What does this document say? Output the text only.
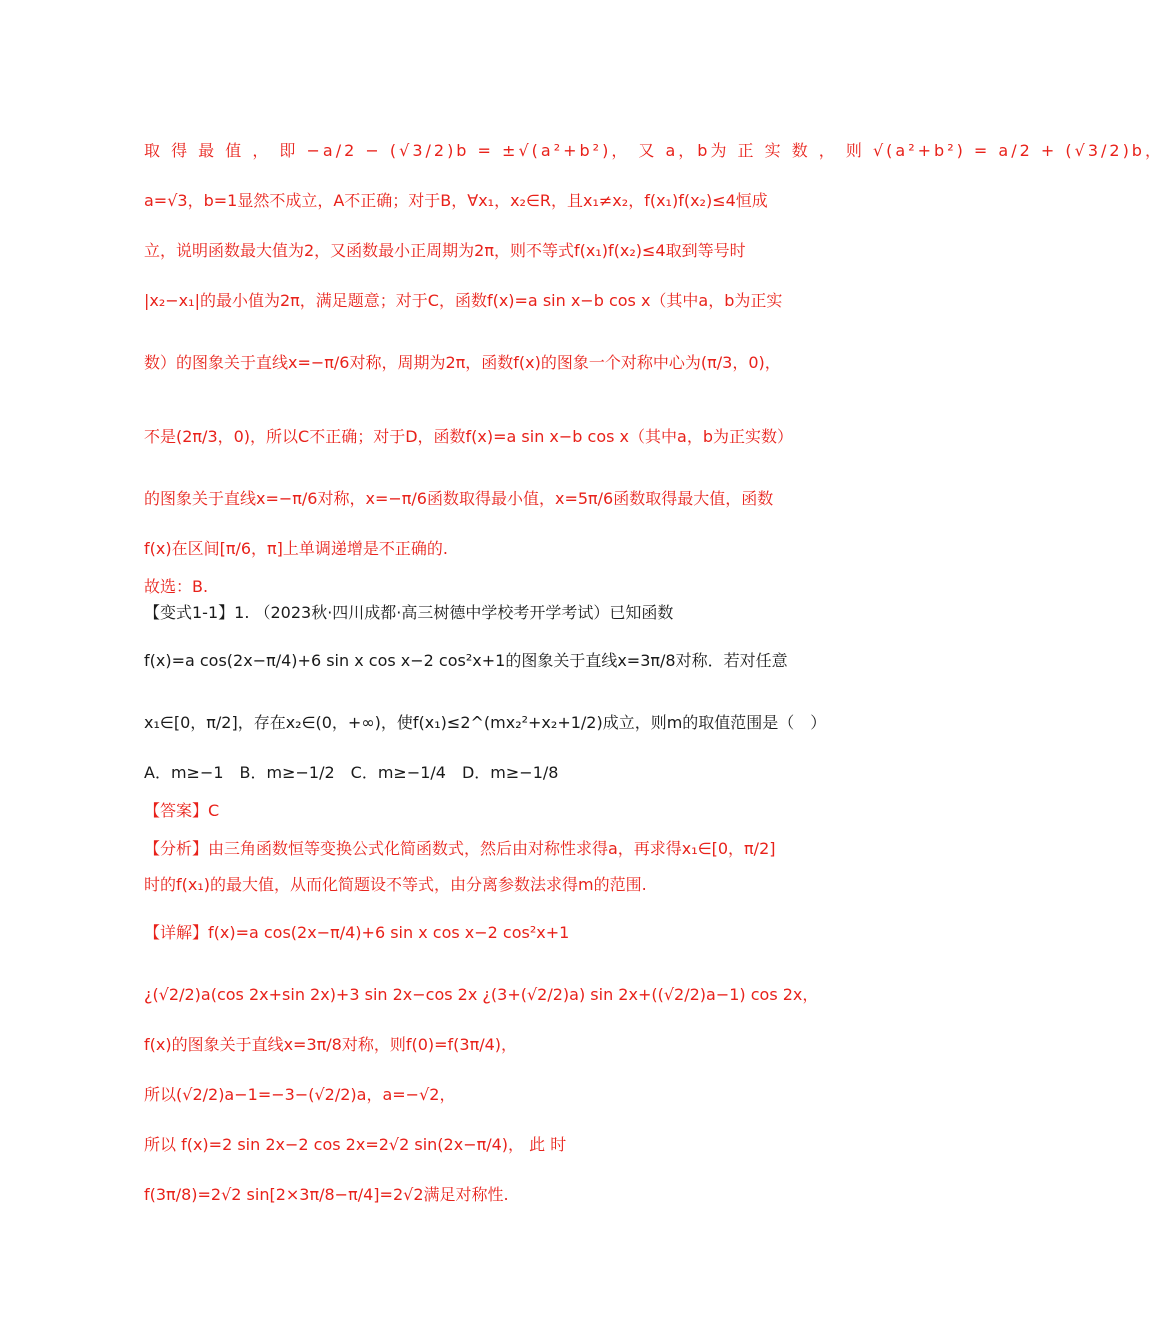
取 得 最 值 ， 即 −a/2 − (√3/2)b = ±√(a²+b²)， 又 a，b为 正 实 数 ， 则 √(a²+b²) = a/2 + (√3/2)b，
a=√3，b=1显然不成立，A不正确；对于B，∀x₁，x₂∈R，且x₁≠x₂，f(x₁)f(x₂)≤4恒成
立，说明函数最大值为2，又函数最小正周期为2π，则不等式f(x₁)f(x₂)≤4取到等号时
|x₂−x₁|的最小值为2π，满足题意；对于C，函数f(x)=a sin x−b cos x（其中a，b为正实
数）的图象关于直线x=−π/6对称，周期为2π，函数f(x)的图象一个对称中心为(π/3，0)，
不是(2π/3，0)，所以C不正确；对于D，函数f(x)=a sin x−b cos x（其中a，b为正实数）
的图象关于直线x=−π/6对称，x=−π/6函数取得最小值，x=5π/6函数取得最大值，函数
f(x)在区间[π/6，π]上单调递增是不正确的.
故选：B.
【变式1-1】1. （2023秋·四川成都·高三树德中学校考开学考试）已知函数
f(x)=a cos(2x−π/4)+6 sin x cos x−2 cos²x+1的图象关于直线x=3π/8对称．若对任意
x₁∈[0，π/2]，存在x₂∈(0，+∞)，使f(x₁)≤2^(mx₂²+x₂+1/2)成立，则m的取值范围是（　）
A．m≥−1　B．m≥−1/2　C．m≥−1/4　D．m≥−1/8
【答案】C
【分析】由三角函数恒等变换公式化简函数式，然后由对称性求得a，再求得x₁∈[0，π/2]
时的f(x₁)的最大值，从而化简题设不等式，由分离参数法求得m的范围.
【详解】f(x)=a cos(2x−π/4)+6 sin x cos x−2 cos²x+1
¿(√2/2)a(cos 2x+sin 2x)+3 sin 2x−cos 2x ¿(3+(√2/2)a) sin 2x+((√2/2)a−1) cos 2x，
f(x)的图象关于直线x=3π/8对称，则f(0)=f(3π/4)，
所以(√2/2)a−1=−3−(√2/2)a，a=−√2，
所以 f(x)=2 sin 2x−2 cos 2x=2√2 sin(2x−π/4)， 此 时
f(3π/8)=2√2 sin[2×3π/8−π/4]=2√2满足对称性.
